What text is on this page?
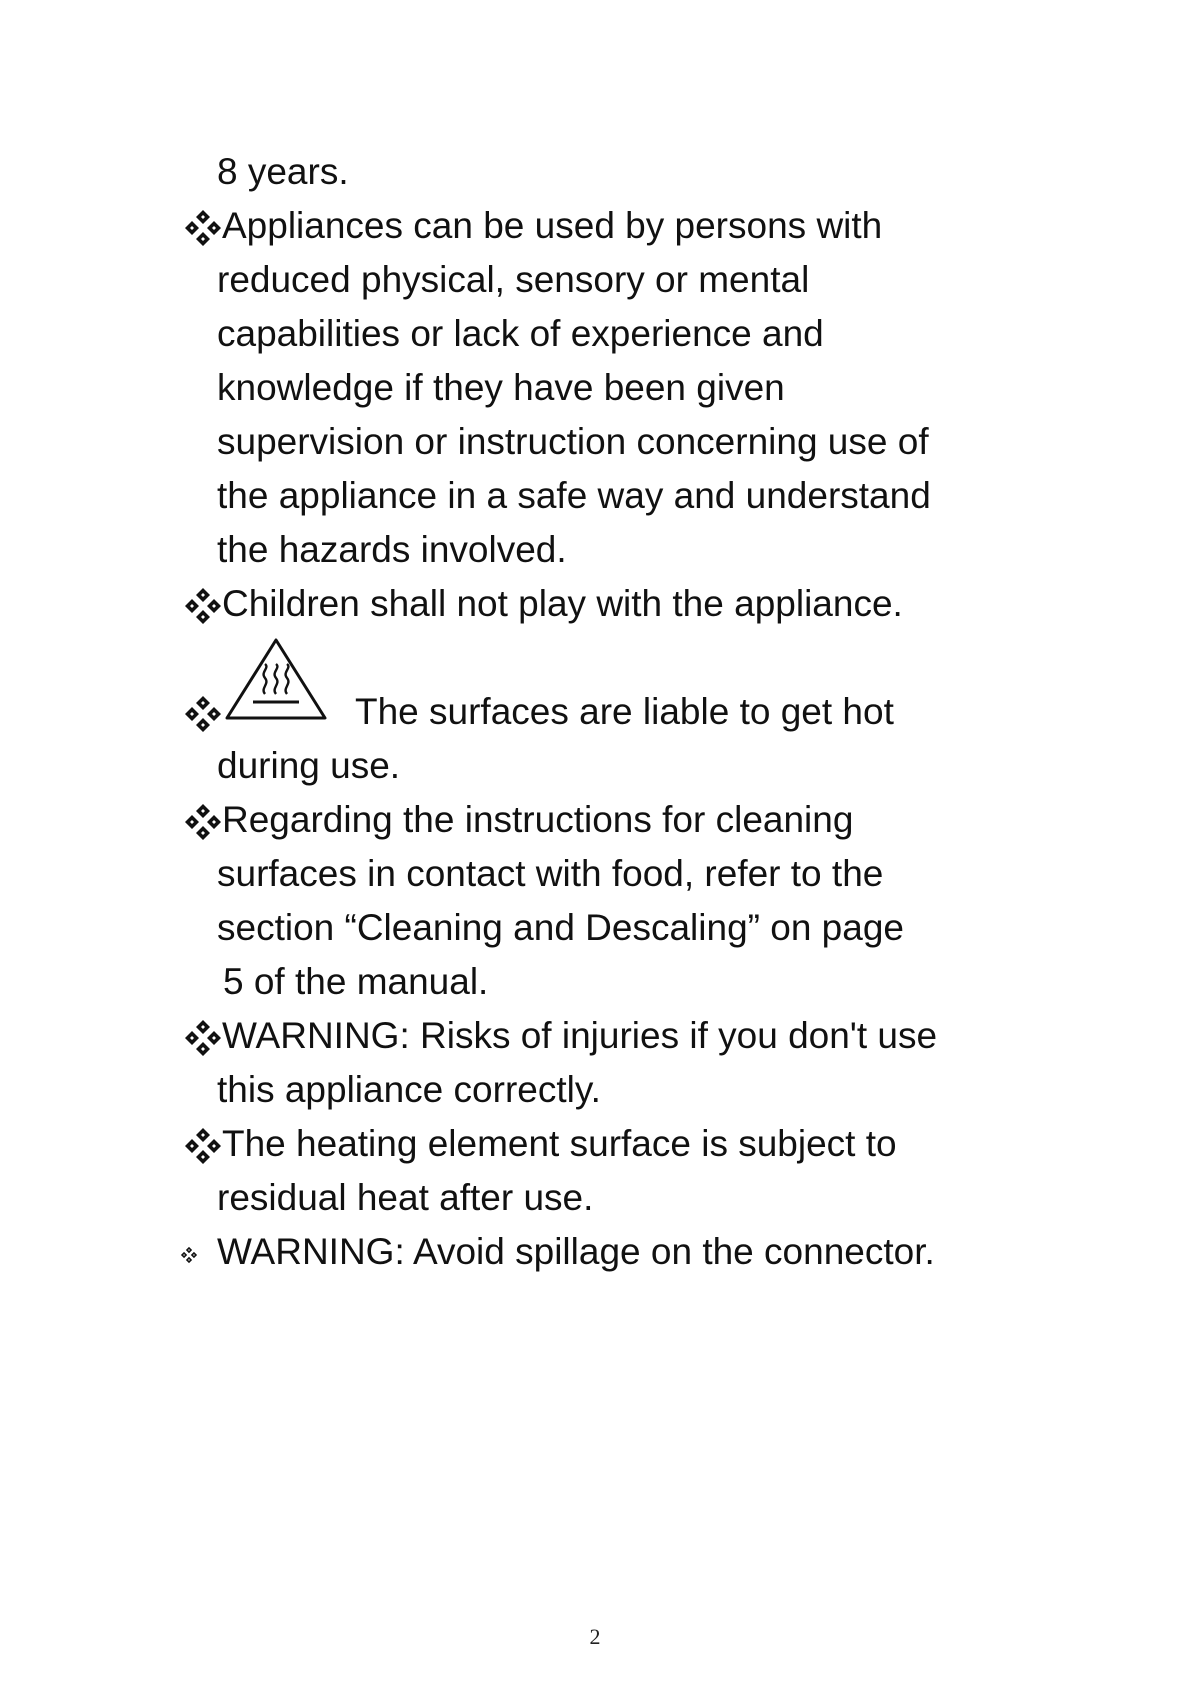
8 years.
Appliances can be used by persons with
reduced physical, sensory or mental
capabilities or lack of experience and
knowledge if they have been given
supervision or instruction concerning use of
the appliance in a safe way and understand
the hazards involved.
Children shall not play with the appliance.
The surfaces are liable to get hot
during use.
Regarding the instructions for cleaning
surfaces in contact with food, refer to the
section “Cleaning and Descaling” on page
5 of the manual.
WARNING: Risks of injuries if you don't use
this appliance correctly.
The heating element surface is subject to
residual heat after use.
WARNING: Avoid spillage on the connector.
2
